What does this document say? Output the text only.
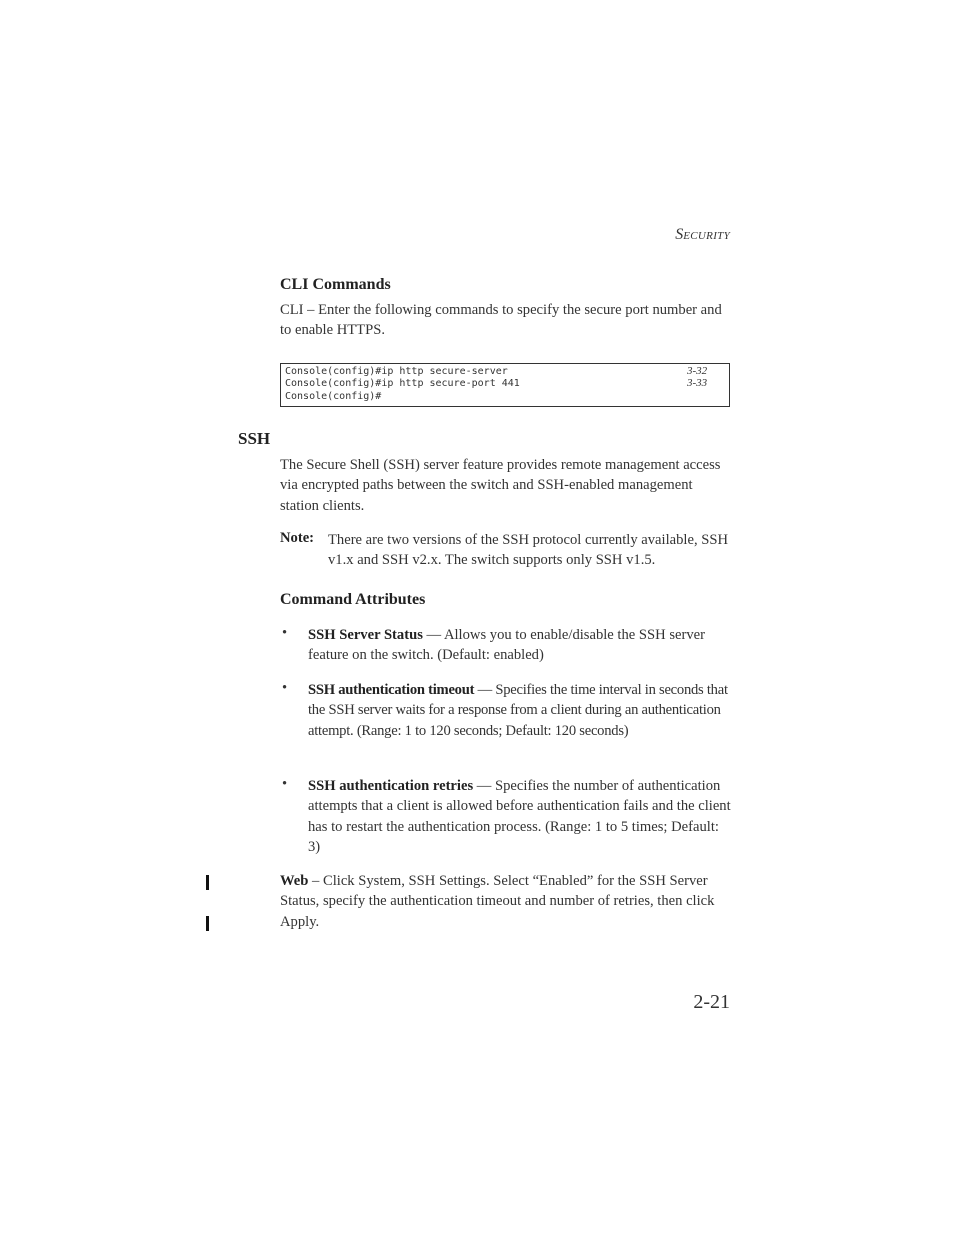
SECURITY
CLI Commands

CLI – Enter the following commands to specify the secure port number and to enable HTTPS.

Console(config)#ip http secure-server	3-32
Console(config)#ip http secure-port 441	3-33
Console(config)#
SSH

The Secure Shell (SSH) server feature provides remote management access via encrypted paths between the switch and SSH-enabled management station clients.

Note: There are two versions of the SSH protocol currently available, SSH v1.x and SSH v2.x. The switch supports only SSH v1.5.

Command Attributes
• SSH Server Status — Allows you to enable/disable the SSH server feature on the switch. (Default: enabled)

• SSH authentication timeout — Specifies the time interval in seconds that the SSH server waits for a response from a client during an authentication attempt. (Range: 1 to 120 seconds; Default: 120 seconds)

• SSH authentication retries — Specifies the number of authentication attempts that a client is allowed before authentication fails and the client has to restart the authentication process. (Range: 1 to 5 times; Default: 3)

Web – Click System, SSH Settings. Select “Enabled” for the SSH Server Status, specify the authentication timeout and number of retries, then click Apply.

2-21
